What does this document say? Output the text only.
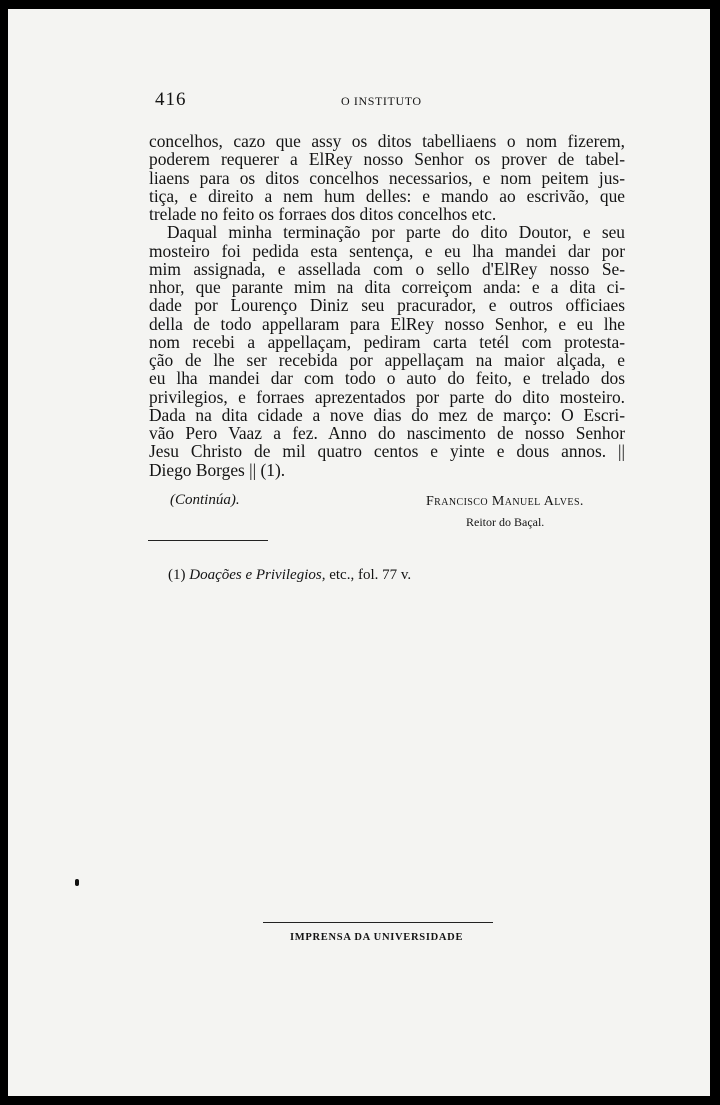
416	O INSTITUTO

concelhos, cazo que assy os ditos tabelliaens o nom fizerem,

poderem requerer a ElRey nosso Senhor os prover de tabel-

liaens para os ditos concelhos necessarios, e nom peitem jus-

tiça, e direito a nem hum delles: e mando ao escrivão, que

trelade no feito os forraes dos ditos concelhos etc.

Daqual minha terminação por parte do dito Doutor, e seu

mosteiro foi pedida esta sentença, e eu lha mandei dar por

mim assignada, e assellada com o sello d'ElRey nosso Se-

nhor, que parante mim na dita correiçom anda: e a dita ci-

dade por Lourenço Diniz seu pracurador, e outros officiaes

della de todo appellaram para ElRey nosso Senhor, e eu lhe

nom recebi a appellaçam, pediram carta tetél com protesta-

ção de lhe ser recebida por appellaçam na maior alçada, e

eu lha mandei dar com todo o auto do feito, e trelado dos

privilegios, e forraes aprezentados por parte do dito mosteiro.

Dada na dita cidade a nove dias do mez de março: O Escri-

vão Pero Vaaz a fez. Anno do nascimento de nosso Senhor

Jesu Christo de mil quatro centos e yinte e dous annos. ||

Diego Borges || (1).

(Continúa).	Francisco Manuel Alves.
Reitor do Baçal.
(1) Doações e Privilegios, etc., fol. 77 v.
IMPRENSA DA UNIVERSIDADE
